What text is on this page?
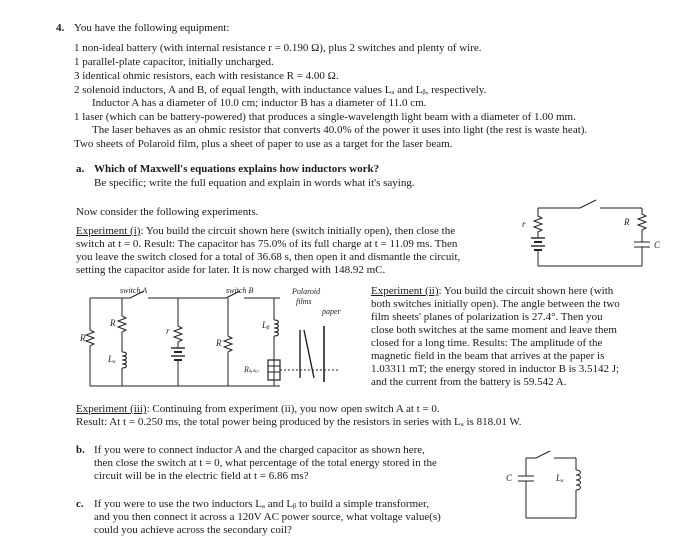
4. You have the following equipment:
1 non-ideal battery (with internal resistance r = 0.190 Ω), plus 2 switches and plenty of wire.
1 parallel-plate capacitor, initially uncharged.
3 identical ohmic resistors, each with resistance R = 4.00 Ω.
2 solenoid inductors, A and B, of equal length, with inductance values Lₐ and Lᵦ, respectively.
Inductor A has a diameter of 10.0 cm; inductor B has a diameter of 11.0 cm.
1 laser (which can be battery-powered) that produces a single-wavelength light beam with a diameter of 1.00 mm.
The laser behaves as an ohmic resistor that converts 40.0% of the power it uses into light (the rest is waste heat).
Two sheets of Polaroid film, plus a sheet of paper to use as a target for the laser beam.
a. Which of Maxwell's equations explains how inductors work?
Be specific; write the full equation and explain in words what it's saying.
Now consider the following experiments.
Experiment (i): You build the circuit shown here (switch initially open), then close the
switch at t = 0. Result: The capacitor has 75.0% of its full charge at t = 11.09 ms. Then
you leave the switch closed for a total of 36.68 s, then open it and dismantle the circuit,
setting the capacitor aside for later. It is now charged with 148.92 mC.
Experiment (ii): You build the circuit shown here (with
both switches initially open). The angle between the two
film sheets' planes of polarization is 27.4°. Then you
close both switches at the same moment and leave them
closed for a long time. Results: The amplitude of the
magnetic field in the beam that arrives at the paper is
1.03311 mT; the energy stored in inductor B is 3.5142 J;
and the current from the battery is 59.542 A.
Experiment (iii): Continuing from experiment (ii), you now open switch A at t = 0.
Result: At t = 0.250 ms, the total power being produced by the resistors in series with Lₐ is 818.01 W.
b. If you were to connect inductor A and the charged capacitor as shown here,
then close the switch at t = 0, what percentage of the total energy stored in the
circuit will be in the electric field at t = 6.86 ms?
c. If you were to use the two inductors Lₐ and Lᵦ to build a simple transformer,
and you then connect it across a 120V AC power source, what voltage value(s)
could you achieve across the secondary coil?
r	R
C
switch A	switch B	Polaroid
films
paper
R
R
r
R
Lₐ
Lᵦ
Rₗₐₛₑᵣ
C	Lₐ
